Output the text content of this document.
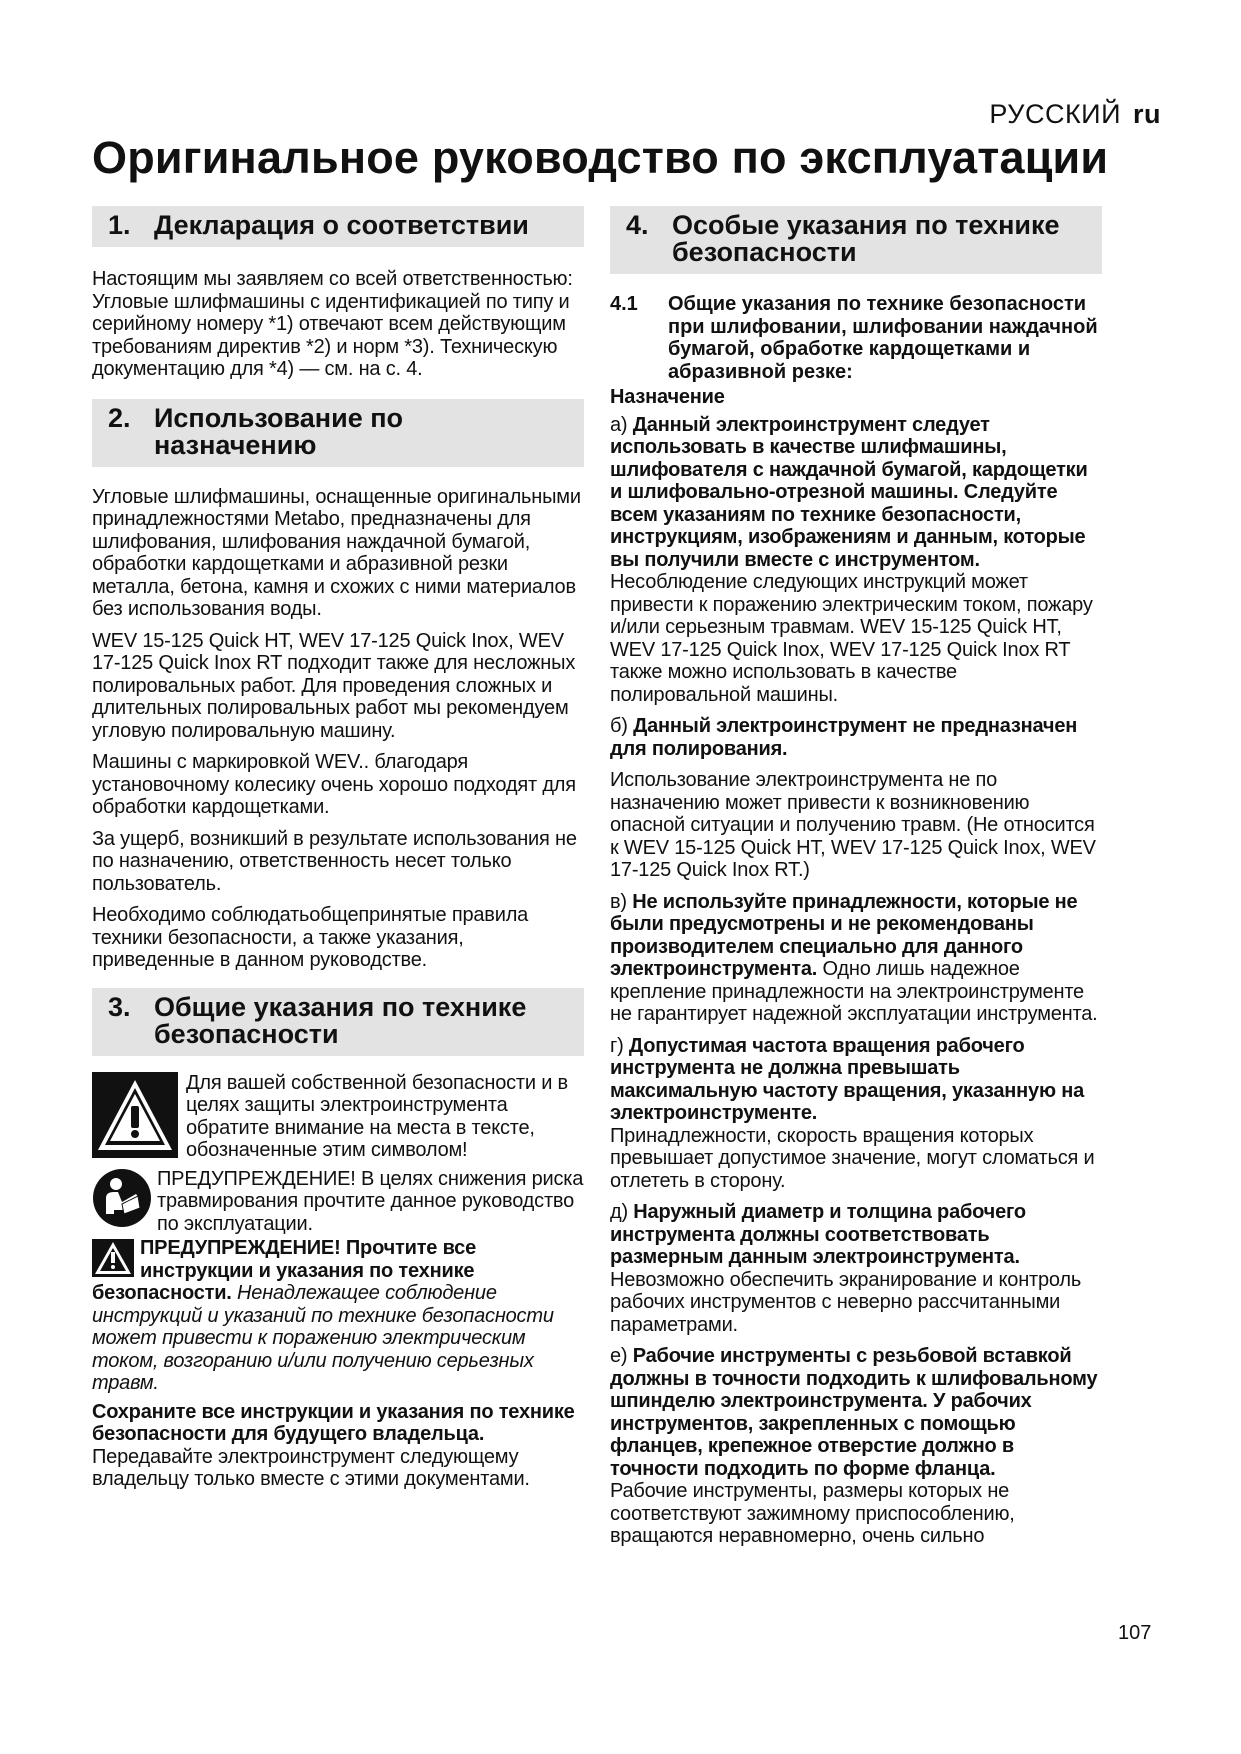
РУССКИЙ ru
Оригинальное руководство по эксплуатации
1. Декларация о соответствии

Настоящим мы заявляем со всей ответственностью: Угловые шлифмашины с идентификацией по типу и серийному номеру *1) отвечают всем действующим требованиям директив *2) и норм *3). Техническую документацию для *4) — см. на с. 4.

2. Использование по назначению

Угловые шлифмашины, оснащенные оригинальными принадлежностями Metabo, предназначены для шлифования, шлифования наждачной бумагой, обработки кардощетками и абразивной резки металла, бетона, камня и схожих с ними материалов без использования воды.

WEV 15-125 Quick HT, WEV 17-125 Quick Inox, WEV 17-125 Quick Inox RT подходит также для несложных полировальных работ. Для проведения сложных и длительных полировальных работ мы рекомендуем угловую полировальную машину.

Машины с маркировкой WEV.. благодаря установочному колесику очень хорошо подходят для обработки кардощетками.

За ущерб, возникший в результате использования не по назначению, ответственность несет только пользователь.

Необходимо соблюдатьобщепринятые правила техники безопасности, а также указания, приведенные в данном руководстве.

3. Общие указания по технике безопасности

Для вашей собственной безопасности и в целях защиты электроинструмента обратите внимание на места в тексте, обозначенные этим символом!

ПРЕДУПРЕЖДЕНИЕ! В целях снижения риска травмирования прочтите данное руководство по эксплуатации.

ПРЕДУПРЕЖДЕНИЕ! Прочтите все инструкции и указания по технике безопасности. Ненадлежащее соблюдение инструкций и указаний по технике безопасности может привести к поражению электрическим током, возгоранию и/или получению серьезных травм.

Сохраните все инструкции и указания по технике безопасности для будущего владельца.

Передавайте электроинструмент следующему владельцу только вместе с этими документами.

4. Особые указания по технике безопасности
4.1	Общие указания по технике безопасности при шлифовании, шлифовании наждачной бумагой, обработке кардощетками и абразивной резке:

Назначение

а) Данный электроинструмент следует использовать в качестве шлифмашины, шлифователя с наждачной бумагой, кардощетки и шлифовально-отрезной машины. Следуйте всем указаниям по технике безопасности, инструкциям, изображениям и данным, которые вы получили вместе с инструментом.

Несоблюдение следующих инструкций может привести к поражению электрическим током, пожару и/или серьезным травмам. WEV 15-125 Quick HT, WEV 17-125 Quick Inox, WEV 17-125 Quick Inox RT также можно использовать в качестве полировальной машины.

б) Данный электроинструмент не предназначен для полирования.

Использование электроинструмента не по назначению может привести к возникновению опасной ситуации и получению травм. (Не относится к WEV 15-125 Quick HT, WEV 17-125 Quick Inox, WEV 17-125 Quick Inox RT.)

в) Не используйте принадлежности, которые не были предусмотрены и не рекомендованы производителем специально для данного электроинструмента. Одно лишь надежное крепление принадлежности на электроинструменте не гарантирует надежной эксплуатации инструмента.

г) Допустимая частота вращения рабочего инструмента не должна превышать максимальную частоту вращения, указанную на электроинструменте.

Принадлежности, скорость вращения которых превышает допустимое значение, могут сломаться и отлететь в сторону.

д) Наружный диаметр и толщина рабочего инструмента должны соответствовать размерным данным электроинструмента.

Невозможно обеспечить экранирование и контроль рабочих инструментов с неверно рассчитанными параметрами.

е) Рабочие инструменты с резьбовой вставкой должны в точности подходить к шлифовальному шпинделю электроинструмента. У рабочих инструментов, закрепленных с помощью фланцев, крепежное отверстие должно в точности подходить по форме фланца.

Рабочие инструменты, размеры которых не соответствуют зажимному приспособлению, вращаются неравномерно, очень сильно

107
